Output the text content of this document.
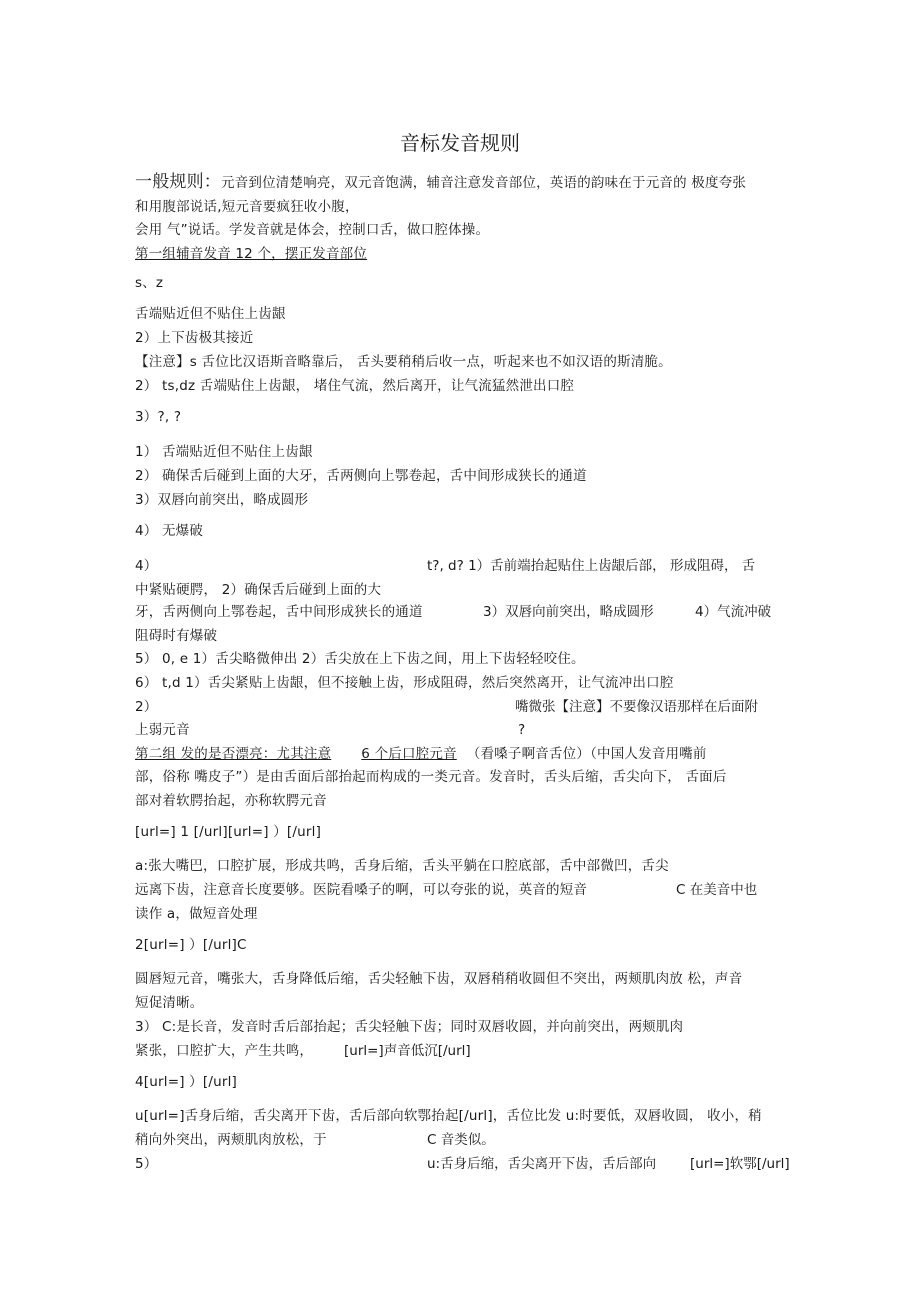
音标发音规则
一般规则：元音到位清楚响亮，双元音饱满，辅音注意发音部位，英语的韵味在于元音的 极度夸张
和用腹部说话,短元音要疯狂收小腹，
会用 气”说话。学发音就是体会，控制口舌，做口腔体操。
第一组辅音发音 12 个，摆正发音部位
s、z
舌端贴近但不贴住上齿龈
2）上下齿极其接近
【注意】s 舌位比汉语斯音略靠后， 舌头要稍稍后收一点，听起来也不如汉语的斯清脆。
2） ts,dz 舌端贴住上齿龈， 堵住气流，然后离开，让气流猛然泄出口腔
3）?, ?
1） 舌端贴近但不贴住上齿龈
2） 确保舌后碰到上面的大牙，舌两侧向上鄂卷起，舌中间形成狭长的通道
3）双唇向前突出，略成圆形
4） 无爆破
4）	t?, d? 1）舌前端抬起贴住上齿龈后部， 形成阻碍， 舌
中紧贴硬腭， 2）确保舌后碰到上面的大
牙，舌两侧向上鄂卷起，舌中间形成狭长的通道	3）双唇向前突出，略成圆形	4）气流冲破
阻碍时有爆破
5） 0, e 1）舌尖略微伸出 2）舌尖放在上下齿之间，用上下齿轻轻咬住。
6） t,d 1）舌尖紧贴上齿龈，但不接触上齿，形成阻碍，然后突然离开，让气流冲出口腔
2）	嘴微张【注意】不要像汉语那样在后面附
上弱元音	?
第二组 发的是否漂亮：尤其注意 6 个后口腔元音 （看嗓子啊音舌位）（中国人发音用嘴前
部，俗称 嘴皮子”）是由舌面后部抬起而构成的一类元音。发音时，舌头后缩，舌尖向下， 舌面后
部对着软腭抬起，亦称软腭元音
[url=] 1 [/url][url=] ）[/url]
a:张大嘴巴，口腔扩展，形成共鸣，舌身后缩，舌头平躺在口腔底部，舌中部微凹，舌尖
远离下齿，注意音长度要够。医院看嗓子的啊，可以夸张的说，英音的短音	C 在美音中也
读作 a，做短音处理
2[url=] ）[/url]C
圆唇短元音，嘴张大，舌身降低后缩，舌尖轻触下齿，双唇稍稍收圆但不突出，两颊肌肉放 松，声音
短促清晰。
3） C:是长音，发音时舌后部抬起；舌尖轻触下齿；同时双唇收圆，并向前突出，两颊肌肉
紧张，口腔扩大，产生共鸣， [url=]声音低沉[/url]
4[url=] ）[/url]
u[url=]舌身后缩，舌尖离开下齿，舌后部向软鄂抬起[/url]，舌位比发 u:时要低，双唇收圆， 收小，稍
稍向外突出，两颊肌肉放松，于	C 音类似。
5）	u:舌身后缩，舌尖离开下齿，舌后部向	[url=]软鄂[/url]
